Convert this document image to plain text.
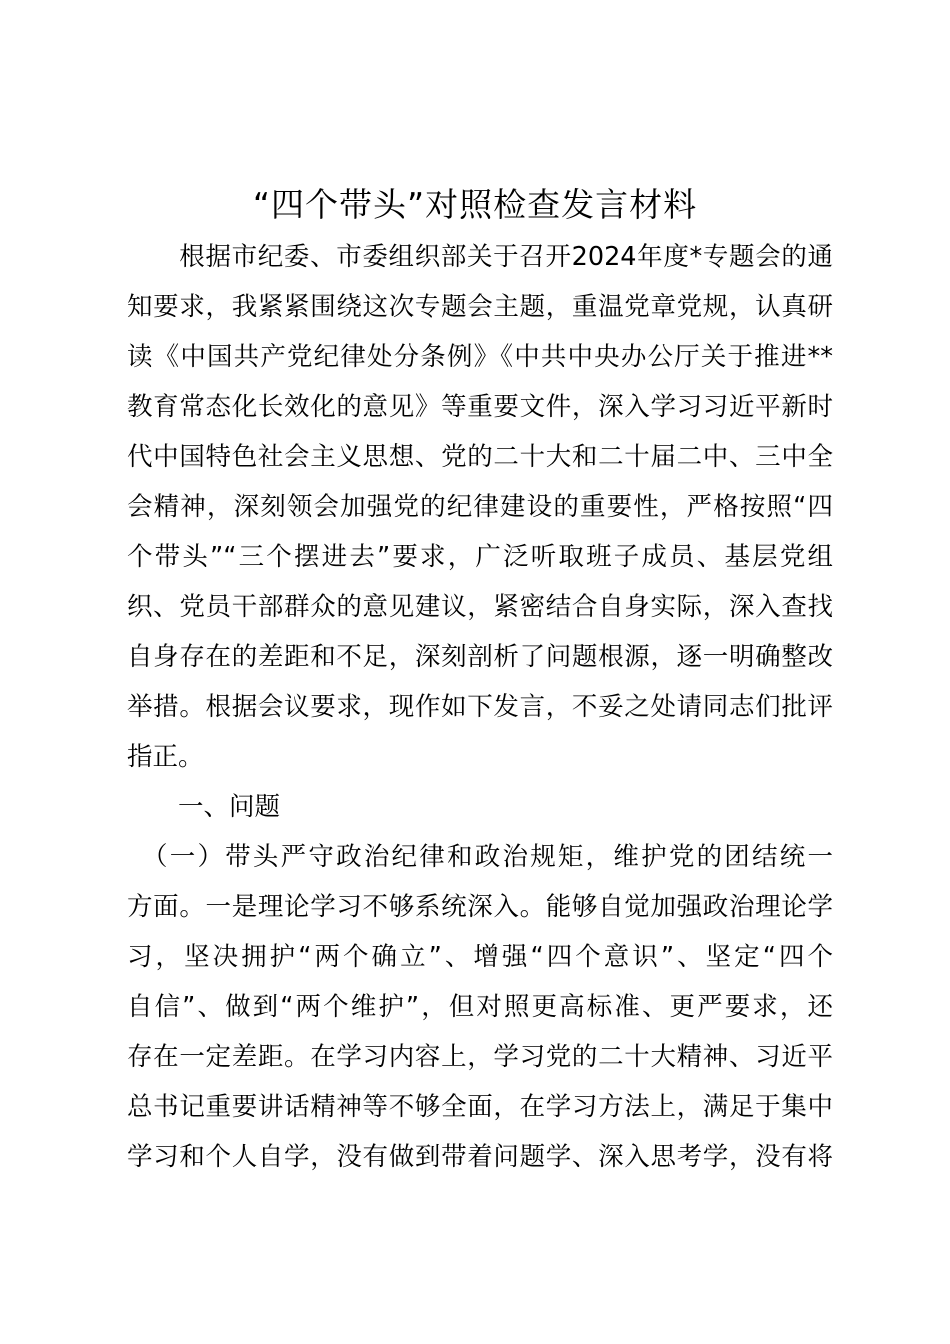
“四个带头”对照检查发言材料

　　根据市纪委、市委组织部关于召开2024年度*专题会的通
知要求，我紧紧围绕这次专题会主题，重温党章党规，认真研
读《中国共产党纪律处分条例》《中共中央办公厅关于推进**
教育常态化长效化的意见》等重要文件，深入学习习近平新时
代中国特色社会主义思想、党的二十大和二十届二中、三中全
会精神，深刻领会加强党的纪律建设的重要性，严格按照“四
个带头”“三个摆进去”要求，广泛听取班子成员、基层党组
织、党员干部群众的意见建议，紧密结合自身实际，深入查找
自身存在的差距和不足，深刻剖析了问题根源，逐一明确整改
举措。根据会议要求，现作如下发言，不妥之处请同志们批评
指正。

一、问题

　（一）带头严守政治纪律和政治规矩，维护党的团结统一
方面。一是理论学习不够系统深入。能够自觉加强政治理论学
习，坚决拥护“两个确立”、增强“四个意识”、坚定“四个
自信”、做到“两个维护”，但对照更高标准、更严要求，还
存在一定差距。在学习内容上，学习党的二十大精神、习近平
总书记重要讲话精神等不够全面，在学习方法上，满足于集中
学习和个人自学，没有做到带着问题学、深入思考学，没有将
